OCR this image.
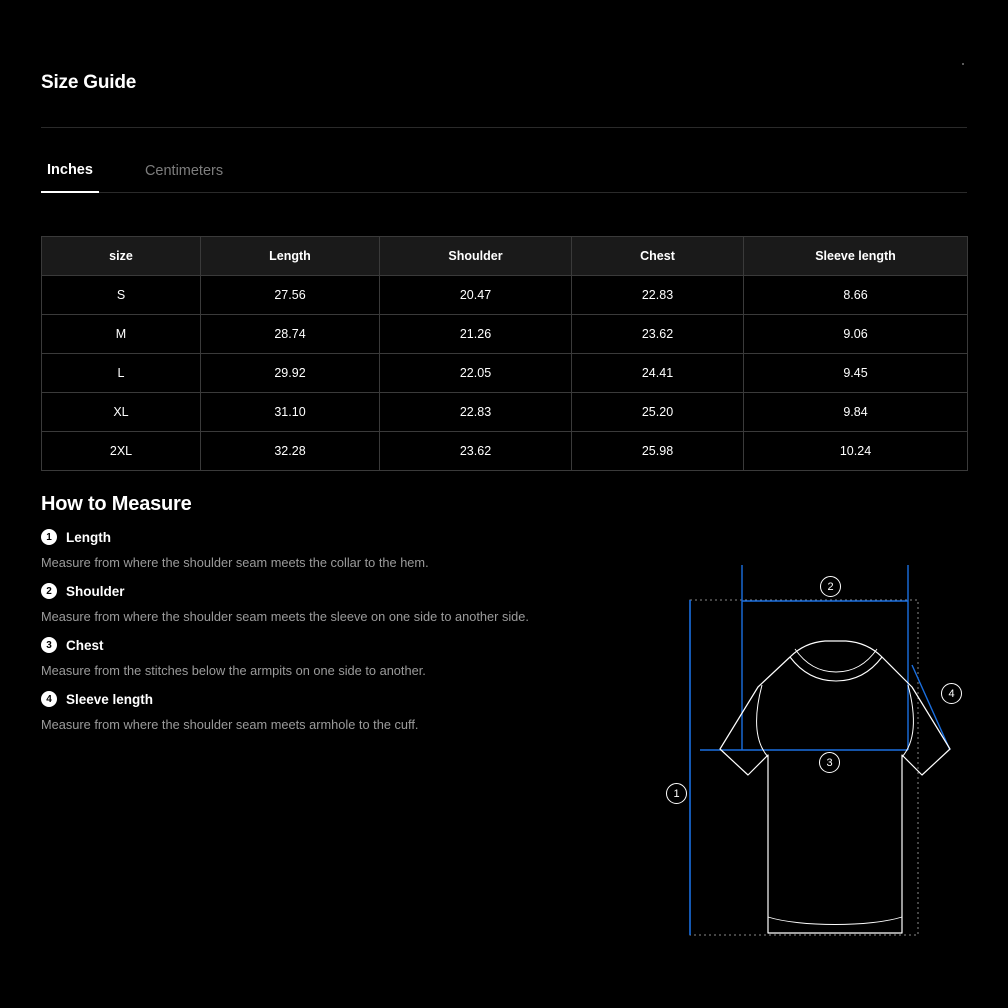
Size Guide
Inches	Centimeters
size	Length	Shoulder	Chest	Sleeve length
S	27.56	20.47	22.83	8.66
M	28.74	21.26	23.62	9.06
L	29.92	22.05	24.41	9.45
XL	31.10	22.83	25.20	9.84
2XL	32.28	23.62	25.98	10.24
How to Measure
1	Length
Measure from where the shoulder seam meets the collar to the hem.
2	Shoulder
Measure from where the shoulder seam meets the sleeve on one side to another side.
3	Chest
Measure from the stitches below the armpits on one side to another.
4	Sleeve length
Measure from where the shoulder seam meets armhole to the cuff.
2
4
3
1
